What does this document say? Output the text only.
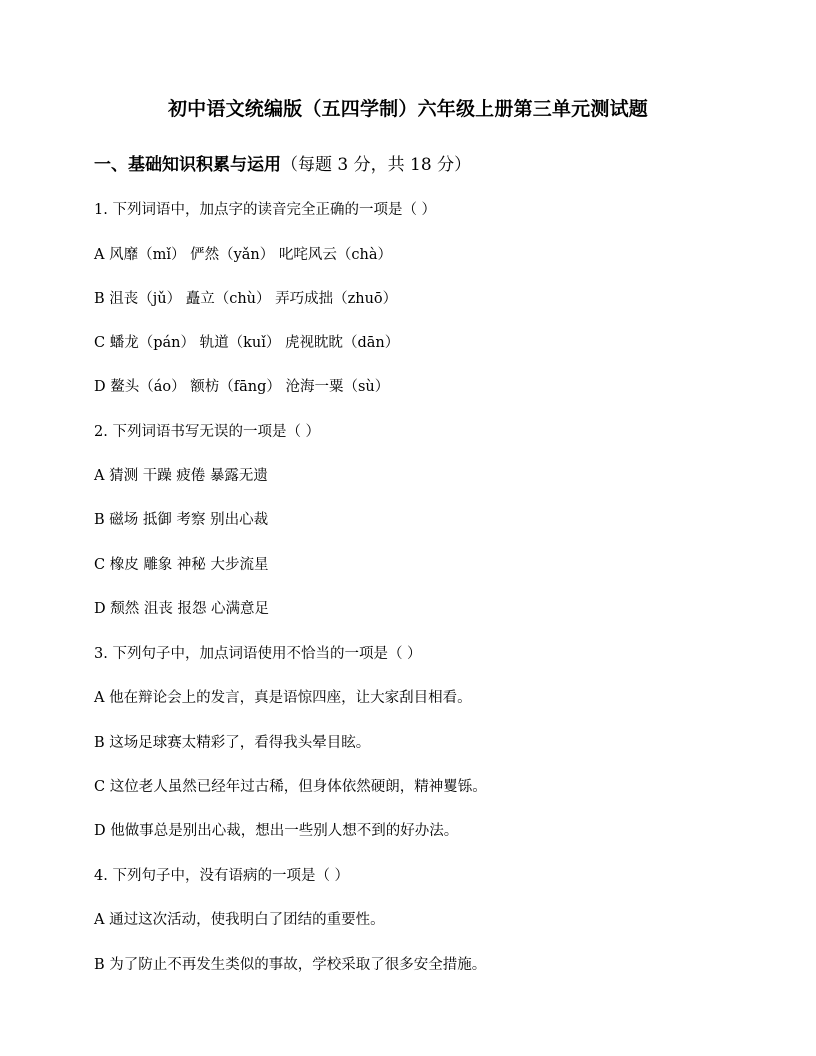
初中语文统编版（五四学制）六年级上册第三单元测试题
一、基础知识积累与运用（每题 3 分，共 18 分）
1. 下列词语中，加点字的读音完全正确的一项是（ ）
A 风靡（mǐ） 俨然（yǎn） 叱咤风云（chà）
B 沮丧（jǔ） 矗立（chù） 弄巧成拙（zhuō）
C 蟠龙（pán） 轨道（kuǐ） 虎视眈眈（dān）
D 鳌头（áo） 额枋（fāng） 沧海一粟（sù）
2. 下列词语书写无误的一项是（ ）
A 猜测 干躁 疲倦 暴露无遗
B 磁场 抵御 考察 别出心裁
C 橡皮 雕象 神秘 大步流星
D 颓然 沮丧 报怨 心满意足
3. 下列句子中，加点词语使用不恰当的一项是（ ）
A 他在辩论会上的发言，真是语惊四座，让大家刮目相看。
B 这场足球赛太精彩了，看得我头晕目眩。
C 这位老人虽然已经年过古稀，但身体依然硬朗，精神矍铄。
D 他做事总是别出心裁，想出一些别人想不到的好办法。
4. 下列句子中，没有语病的一项是（ ）
A 通过这次活动，使我明白了团结的重要性。
B 为了防止不再发生类似的事故，学校采取了很多安全措施。
